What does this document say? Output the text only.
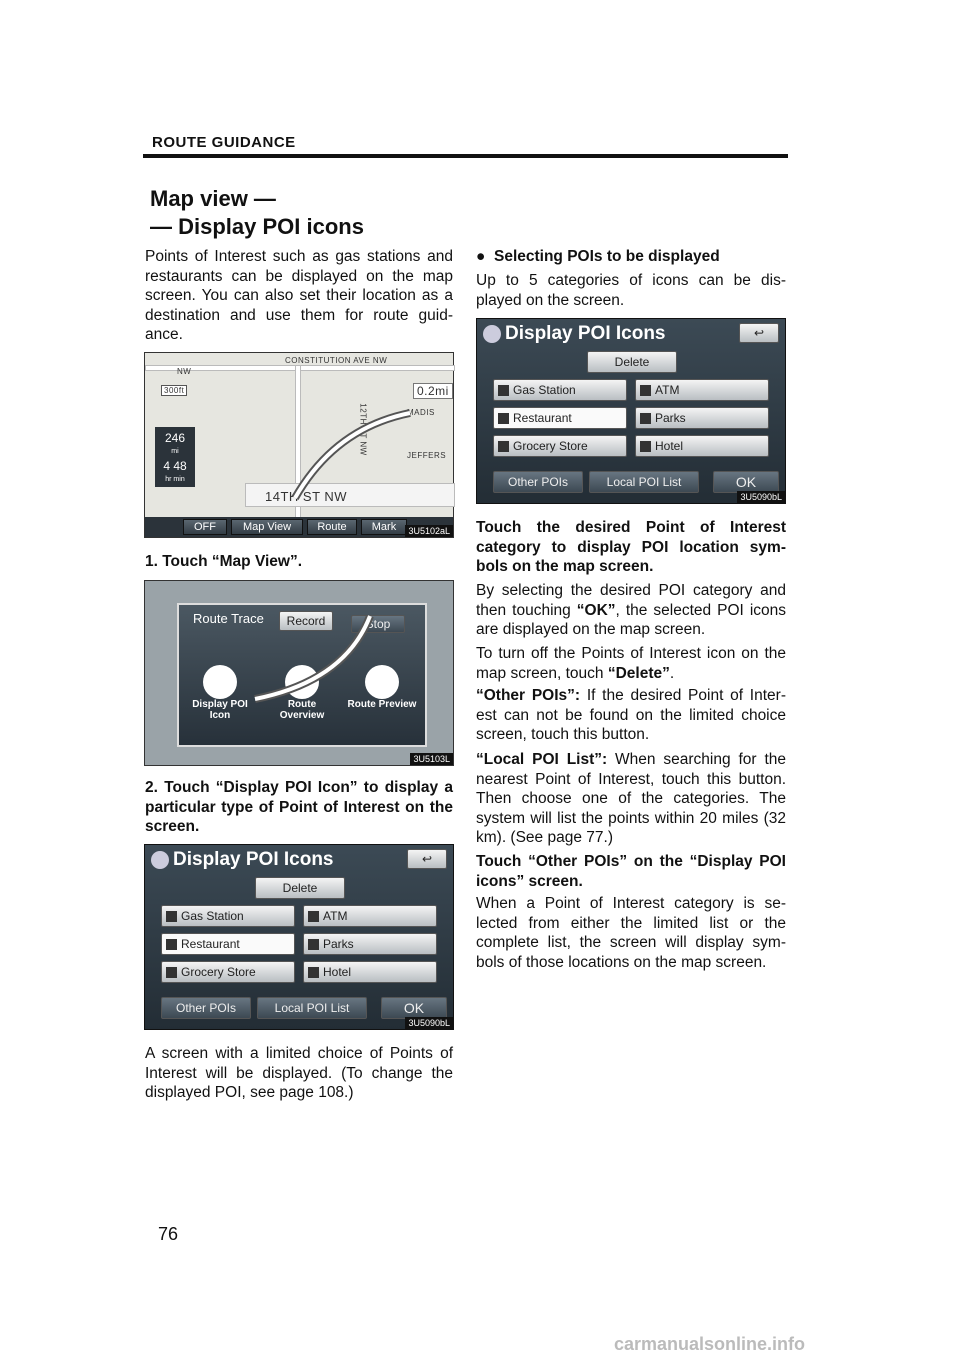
ROUTE GUIDANCE
Map view —
— Display POI icons
Points of Interest such as gas stations and restaurants can be displayed on the map screen. You can also set their location as a destination and use them for route guid- ance.
CONSTITUTION AVE NW
NW
300ft	0.2mi
MADIS
JEFFERS
12TH ST NW
14TH ST NW
246
mi
4 48
hr min
OFF	Map View	Route	Mark	3U5102aL
1. Touch “Map View”.
Route Trace	Record	Stop
Display POI Icon
Route Overview
Route Preview
3U5103L
2. Touch “Display POI Icon” to display a particular type of Point of Interest on the screen.
Display POI Icons	↩
Delete
Gas Station	ATM
Restaurant	Parks
Grocery Store	Hotel
Other POIs	Local POI List	OK
3U5090bL
A screen with a limited choice of Points of Interest will be displayed. (To change the displayed POI, see page 108.)
●  Selecting POIs to be displayed
Up to 5 categories of icons can be dis- played on the screen.
Display POI Icons	↩
Delete
Gas Station	ATM
Restaurant	Parks
Grocery Store	Hotel
Other POIs	Local POI List	OK
3U5090bL
Touch the desired Point of Interest category to display POI location sym- bols on the map screen.
By selecting the desired POI category and then touching “OK”, the selected POI icons are displayed on the map screen.
To turn off the Points of Interest icon on the map screen, touch “Delete”.
“Other POIs”: If the desired Point of Inter- est can not be found on the limited choice screen, touch this button.
“Local POI List”: When searching for the nearest Point of Interest, touch this button. Then choose one of the categories. The system will list the points within 20 miles (32 km). (See page 77.)
Touch “Other POIs” on the “Display POI icons” screen.
When a Point of Interest category is se- lected from either the limited list or the complete list, the screen will display sym- bols of those locations on the map screen.
76
carmanualsonline.info
